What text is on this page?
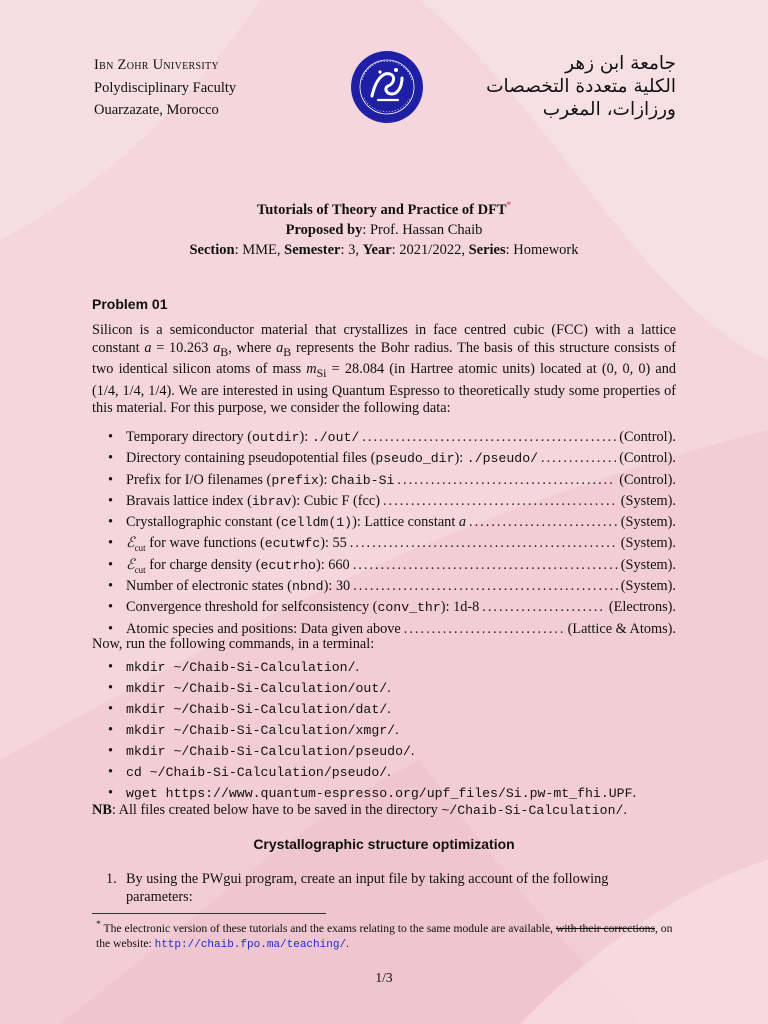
Ibn Zohr University
Polydisciplinary Faculty
Ouarzazate, Morocco
جامعة ابن زهر
الكلية متعددة التخصصات
ورزازات، المغرب
Tutorials of Theory and Practice of DFT*
Proposed by: Prof. Hassan Chaib
Section: MME, Semester: 3, Year: 2021/2022, Series: Homework
Problem 01
Silicon is a semiconductor material that crystallizes in face centred cubic (FCC) with a lattice constant a = 10.263 $a_B$, where $a_B$ represents the Bohr radius. The basis of this structure consists of two identical silicon atoms of mass $m_{Si} = 28.084$ (in Hartree atomic units) located at (0, 0, 0) and (1/4, 1/4, 1/4). We are interested in using Quantum Espresso to theoretically study some properties of this material. For this purpose, we consider the following data:
• Temporary directory (outdir): ./out/ .....	(Control).
• Directory containing pseudopotential files (pseudo_dir): ./pseudo/ .....	(Control).
• Prefix for I/O filenames (prefix): Chaib-Si .....	(Control).
• Bravais lattice index (ibrav): Cubic F (fcc) .....	(System).
• Crystallographic constant (celldm(1)): Lattice constant a .....	(System).
• ℰ$_{cut}$ for wave functions (ecutwfc): 55 .....	(System).
• ℰ$_{cut}$ for charge density (ecutrho): 660 .....	(System).
• Number of electronic states (nbnd): 30 .....	(System).
• Convergence threshold for selfconsistency (conv_thr): 1d-8 .....	(Electrons).
• Atomic species and positions: Data given above .....	(Lattice & Atoms).
Now, run the following commands, in a terminal:
• mkdir ~/Chaib-Si-Calculation/ .
• mkdir ~/Chaib-Si-Calculation/out/ .
• mkdir ~/Chaib-Si-Calculation/dat/ .
• mkdir ~/Chaib-Si-Calculation/xmgr/ .
• mkdir ~/Chaib-Si-Calculation/pseudo/ .
• cd ~/Chaib-Si-Calculation/pseudo/ .
• wget https://www.quantum-espresso.org/upf_files/Si.pw-mt_fhi.UPF .
NB: All files created below have to be saved in the directory ~/Chaib-Si-Calculation/.
Crystallographic structure optimization
1. By using the PWgui program, create an input file by taking account of the following parameters:
* The electronic version of these tutorials and the exams relating to the same module are available, with their corrections, on the website: http://chaib.fpo.ma/teaching/.
1/3
